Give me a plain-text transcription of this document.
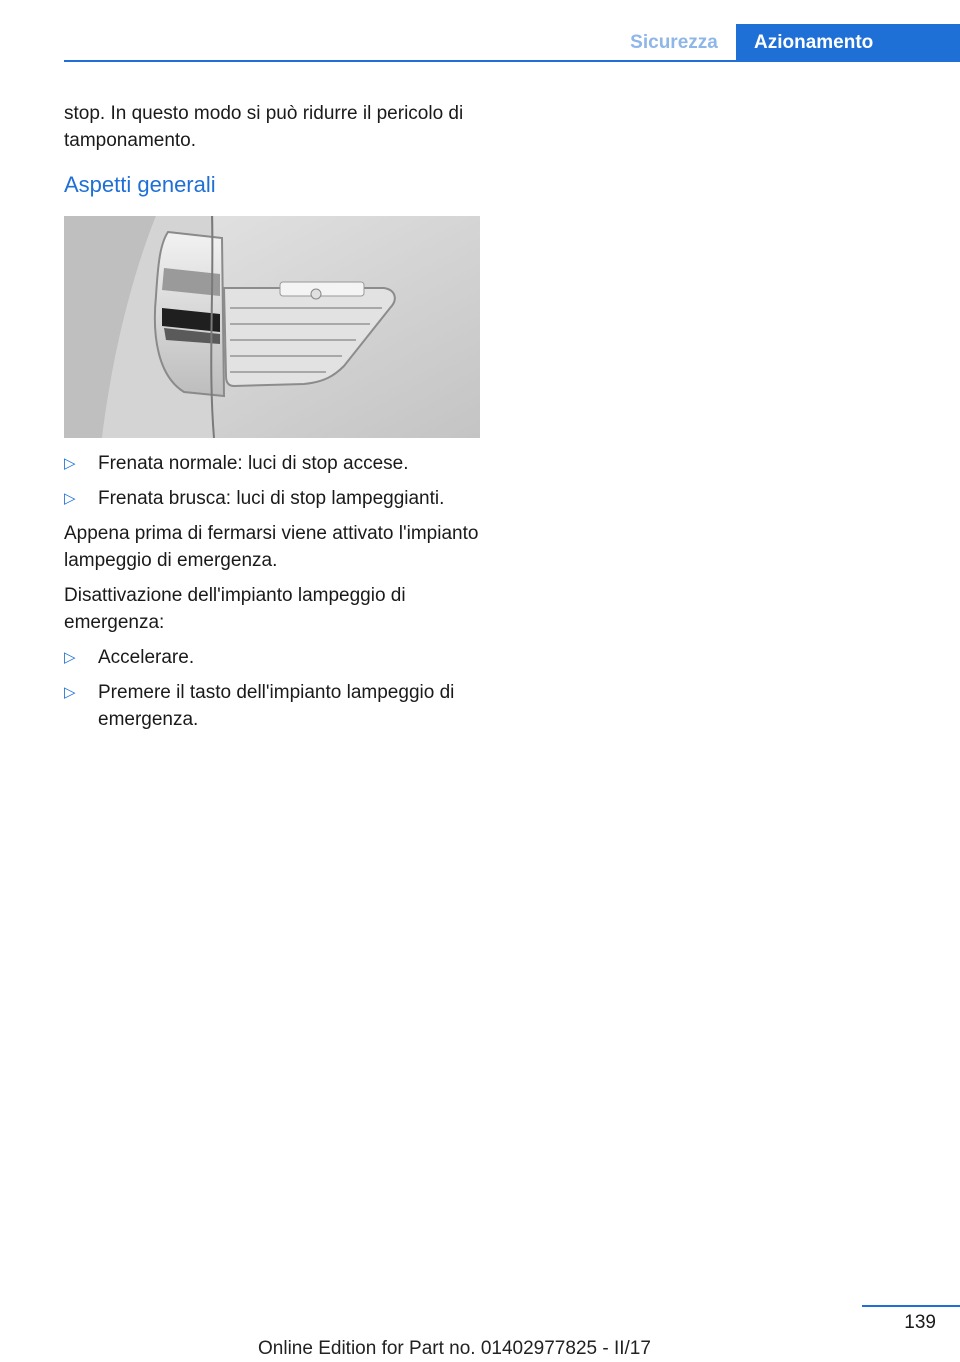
Sicurezza	Azionamento

stop. In questo modo si può ridurre il pericolo di tamponamento.

Aspetti generali
▷ Frenata normale: luci di stop accese.
▷ Frenata brusca: luci di stop lampeggianti.

Appena prima di fermarsi viene attivato l'impianto lampeggio di emergenza.

Disattivazione dell'impianto lampeggio di emergenza:

▷ Accelerare.
▷ Premere il tasto dell'impianto lampeggio di emergenza.
139
Online Edition for Part no. 01402977825 - II/17
